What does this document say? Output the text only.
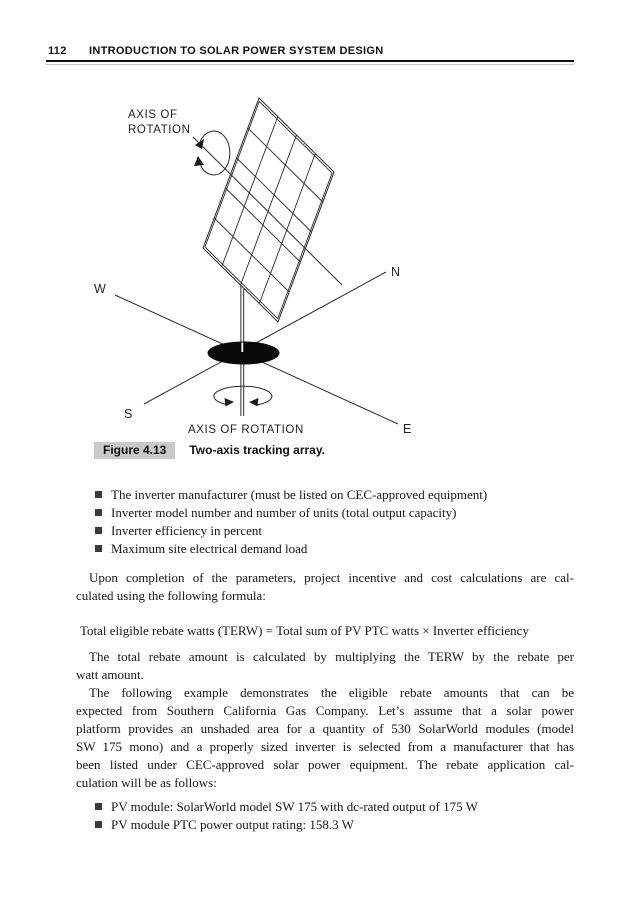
112	INTRODUCTION TO SOLAR POWER SYSTEM DESIGN
AXIS OF
ROTATION
AXIS OF ROTATION
W
N
S
E
Figure 4.13	Two-axis tracking array.
The inverter manufacturer (must be listed on CEC-approved equipment)
Inverter model number and number of units (total output capacity)
Inverter efficiency in percent
Maximum site electrical demand load
Upon completion of the parameters, project incentive and cost calculations are cal-
culated using the following formula:
Total eligible rebate watts (TERW) = Total sum of PV PTC watts × Inverter efficiency
The total rebate amount is calculated by multiplying the TERW by the rebate per
watt amount.
The following example demonstrates the eligible rebate amounts that can be
expected from Southern California Gas Company. Let’s assume that a solar power
platform provides an unshaded area for a quantity of 530 SolarWorld modules (model
SW 175 mono) and a properly sized inverter is selected from a manufacturer that has
been listed under CEC-approved solar power equipment. The rebate application cal-
culation will be as follows:
PV module: SolarWorld model SW 175 with dc-rated output of 175 W
PV module PTC power output rating: 158.3 W
